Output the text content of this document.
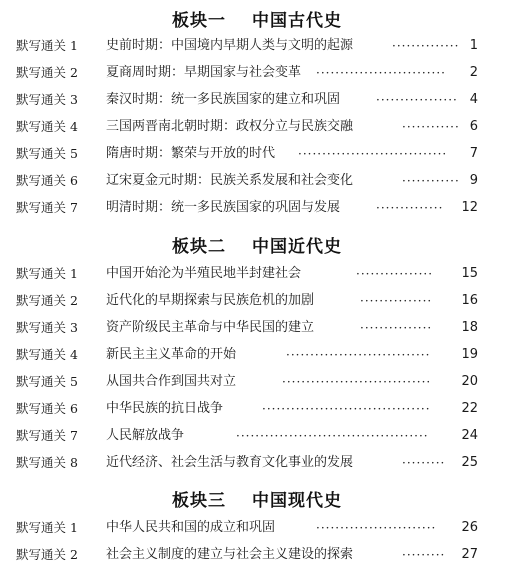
板块一 中国古代史
默写通关 1	史前时期：中国境内早期人类与文明的起源	·············· 1
默写通关 2	夏商周时期：早期国家与社会变革 ··························· 2
默写通关 3	秦汉时期：统一多民族国家的建立和巩固	················· 4
默写通关 4	三国两晋南北朝时期：政权分立与民族交融	············ 6
默写通关 5	隋唐时期：繁荣与开放的时代 ······························· 7
默写通关 6	辽宋夏金元时期：民族关系发展和社会变化	············ 9
默写通关 7	明清时期：统一多民族国家的巩固与发展	·············· 12
板块二 中国近代史
默写通关 1	中国开始沦为半殖民地半封建社会	················ 15
默写通关 2	近代化的早期探索与民族危机的加剧	··············· 16
默写通关 3	资产阶级民主革命与中华民国的建立	··············· 18
默写通关 4	新民主主义革命的开始	······························ 19
默写通关 5	从国共合作到国共对立	······························· 20
默写通关 6	中华民族的抗日战争	··································· 22
默写通关 7	人民解放战争	········································	24
默写通关 8	近代经济、社会生活与教育文化事业的发展	········· 25
板块三 中国现代史
默写通关 1	中华人民共和国的成立和巩固	························· 26
默写通关 2	社会主义制度的建立与社会主义建设的探索	········· 27
